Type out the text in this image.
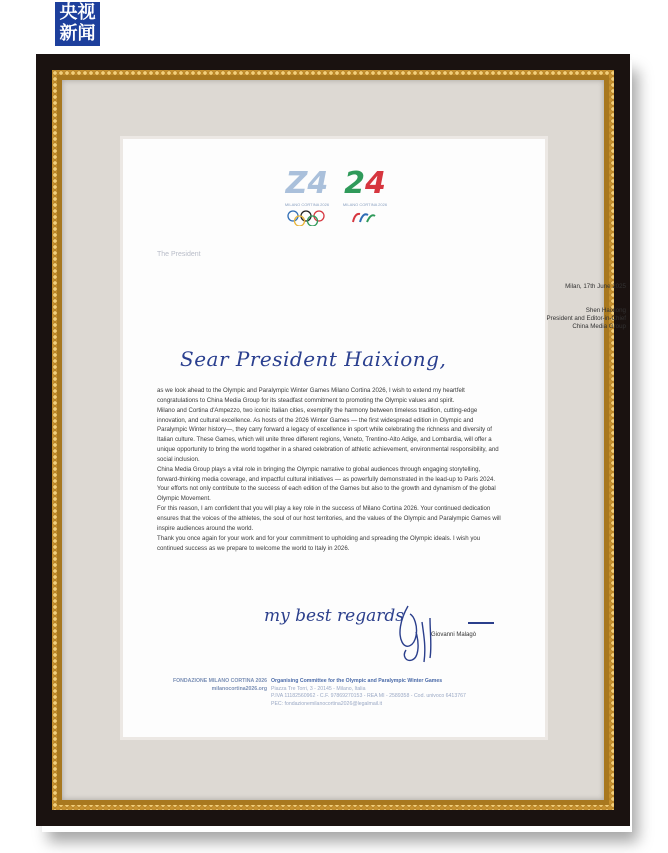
央视
新闻
Z4
MILANO CORTINA 2026
24
MILANO CORTINA 2026
The President
Milan, 17th June 2025
Shen Haixiong
President and Editor-in-Chief
China Media Group
Sear President Haixiong,

as we look ahead to the Olympic and Paralympic Winter Games Milano Cortina 2026, I wish to extend my heartfelt congratulations to China Media Group for its steadfast commitment to promoting the Olympic values and spirit.

Milano and Cortina d'Ampezzo, two iconic Italian cities, exemplify the harmony between timeless tradition, cutting-edge innovation, and cultural excellence. As hosts of the 2026 Winter Games — the first widespread edition in Olympic and Paralympic Winter history—, they carry forward a legacy of excellence in sport while celebrating the richness and diversity of Italian culture. These Games, which will unite three different regions, Veneto, Trentino-Alto Adige, and Lombardia, will offer a unique opportunity to bring the world together in a shared celebration of athletic achievement, environmental responsibility, and social inclusion.

China Media Group plays a vital role in bringing the Olympic narrative to global audiences through engaging storytelling, forward-thinking media coverage, and impactful cultural initiatives — as powerfully demonstrated in the lead-up to Paris 2024. Your efforts not only contribute to the success of each edition of the Games but also to the growth and dynamism of the global Olympic Movement.

For this reason, I am confident that you will play a key role in the success of Milano Cortina 2026. Your continued dedication ensures that the voices of the athletes, the soul of our host territories, and the values of the Olympic and Paralympic Games will inspire audiences around the world.

Thank you once again for your work and for your commitment to upholding and spreading the Olympic ideals. I wish you continued success as we prepare to welcome the world to Italy in 2026.

my best regards
Giovanni Malagò
FONDAZIONE MILANO CORTINA 2026
milanocortina2026.org
Organising Committee for the Olympic and Paralympic Winter Games
Piazza Tre Torri, 3 - 20145 - Milano, Italia
P.IVA 11182560962 - C.F. 97869270153 - REA MI - 2589358 - Cod. univoco 6413767
PEC: fondazionemilanocortina2026@legalmail.it
